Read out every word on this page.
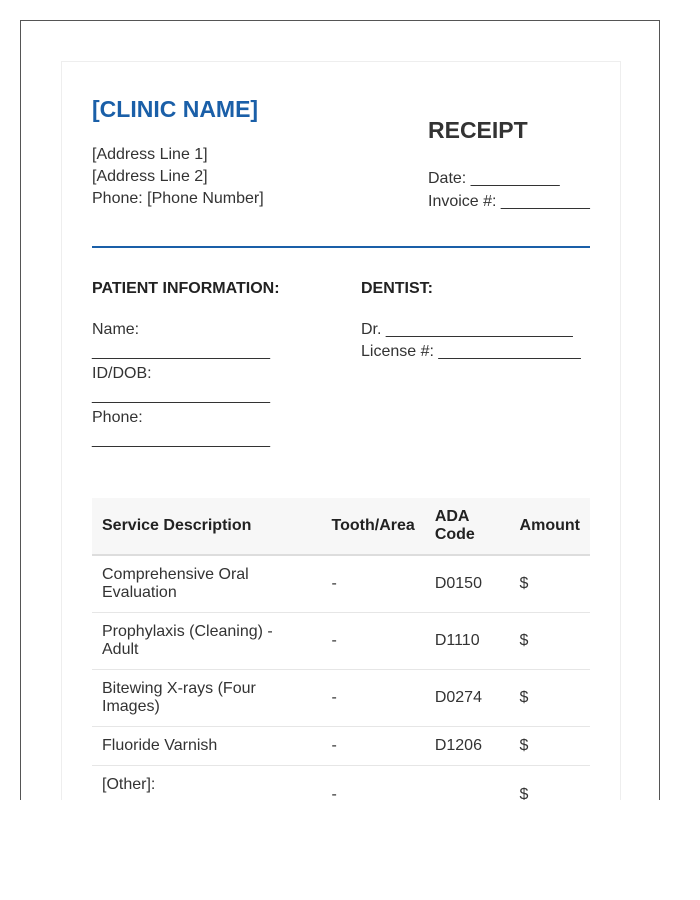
[CLINIC NAME]
[Address Line 1]
[Address Line 2]
Phone: [Phone Number]
RECEIPT
Date: __________
Invoice #: __________
PATIENT INFORMATION:	DENTIST:
Name:
____________________
ID/DOB:
____________________
Phone:
____________________
Dr. _____________________
License #: ________________
Service Description	Tooth/Area	ADA Code	Amount
Comprehensive Oral Evaluation	-	D0150	$
Prophylaxis (Cleaning) - Adult	-	D1110	$
Bitewing X-rays (Four Images)	-	D0274	$
Fluoride Varnish	-	D1206	$
[Other]:	-		$
